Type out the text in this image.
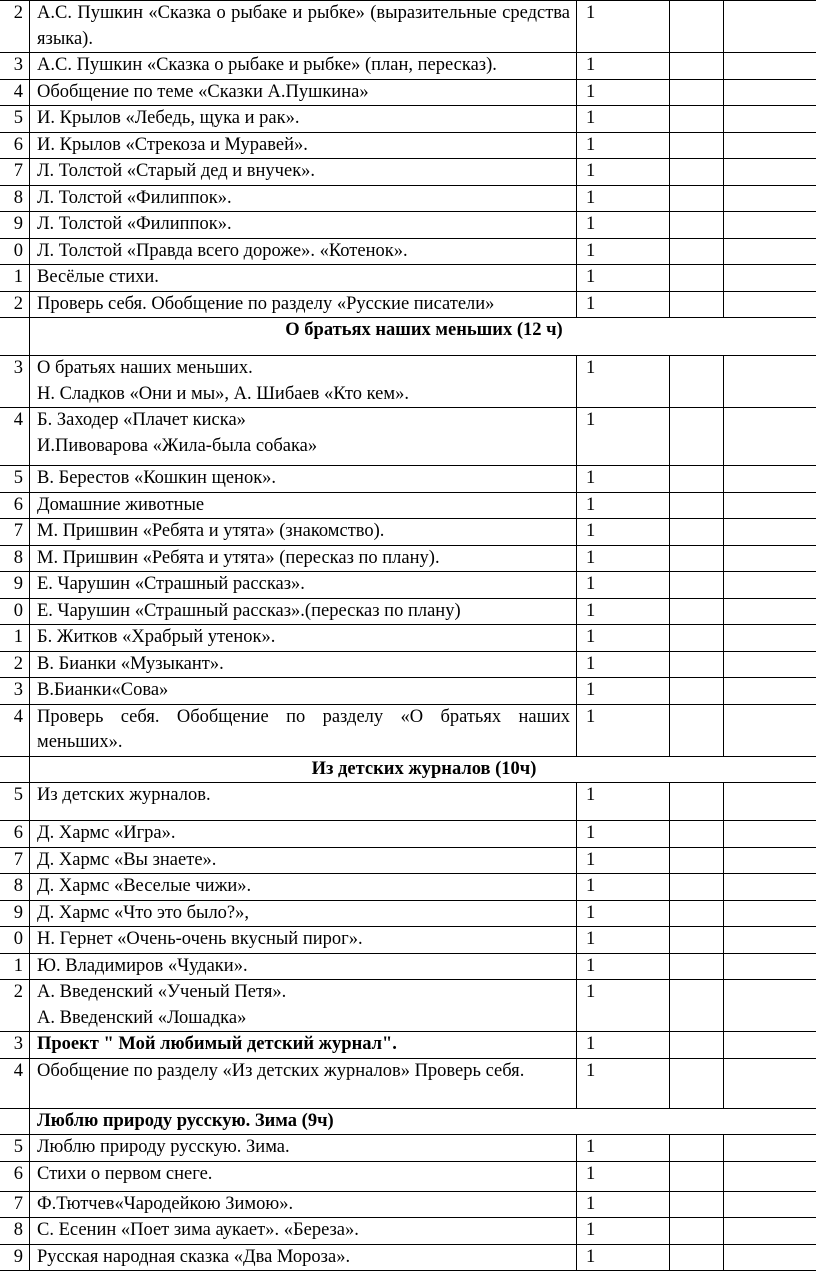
2	А.С. Пушкин «Сказка о рыбаке и рыбке» (выразительные средства языка).	1		
3	А.С. Пушкин «Сказка о рыбаке и рыбке» (план, пересказ).	1		
4	Обобщение по теме «Сказки А.Пушкина»	1		
5	И. Крылов «Лебедь, щука и рак».	1		
6	И. Крылов «Стрекоза и Муравей».	1		
7	Л. Толстой «Старый дед и внучек».	1		
8	Л. Толстой «Филиппок».	1		
9	Л. Толстой «Филиппок».	1		
0	Л. Толстой «Правда всего дороже». «Котенок».	1		
1	Весёлые стихи.	1		
2	Проверь себя. Обобщение по разделу «Русские писатели»	1		
	О братьях наших меньших (12 ч)			
3	О братьях наших меньших.
Н. Сладков «Они и мы», А. Шибаев «Кто кем».	1		
4	Б. Заходер «Плачет киска»
И.Пивоварова «Жила-была собака»	1		
5	В. Берестов «Кошкин щенок».	1		
6	Домашние животные	1		
7	М. Пришвин «Ребята и утята» (знакомство).	1		
8	М. Пришвин «Ребята и утята» (пересказ по плану).	1		
9	Е. Чарушин «Страшный рассказ».	1		
0	Е. Чарушин «Страшный рассказ».(пересказ по плану)	1		
1	Б. Житков «Храбрый утенок».	1		
2	В. Бианки «Музыкант».	1		
3	В.Бианки«Сова»	1		
4	Проверь себя. Обобщение по разделу «О братьях наших меньших».	1		
	Из детских журналов (10ч)			
5	Из детских журналов.	1		
6	Д. Хармс «Игра».	1		
7	Д. Хармс «Вы знаете».	1		
8	Д. Хармс «Веселые чижи».	1		
9	Д. Хармс «Что это было?»,	1		
0	Н. Гернет «Очень-очень вкусный пирог».	1		
1	Ю. Владимиров «Чудаки».	1		
2	А. Введенский «Ученый Петя».
А. Введенский «Лошадка»	1		
3	Проект " Мой любимый детский журнал".	1		
4	Обобщение по разделу «Из детских журналов» Проверь себя.	1		
	Люблю природу русскую. Зима (9ч)			
5	Люблю природу русскую. Зима.	1		
6	Стихи о первом снеге.	1		
7	Ф.Тютчев«Чародейкою Зимою».	1		
8	С. Есенин «Поет зима аукает». «Береза».	1		
9	Русская народная сказка «Два Мороза».	1		
